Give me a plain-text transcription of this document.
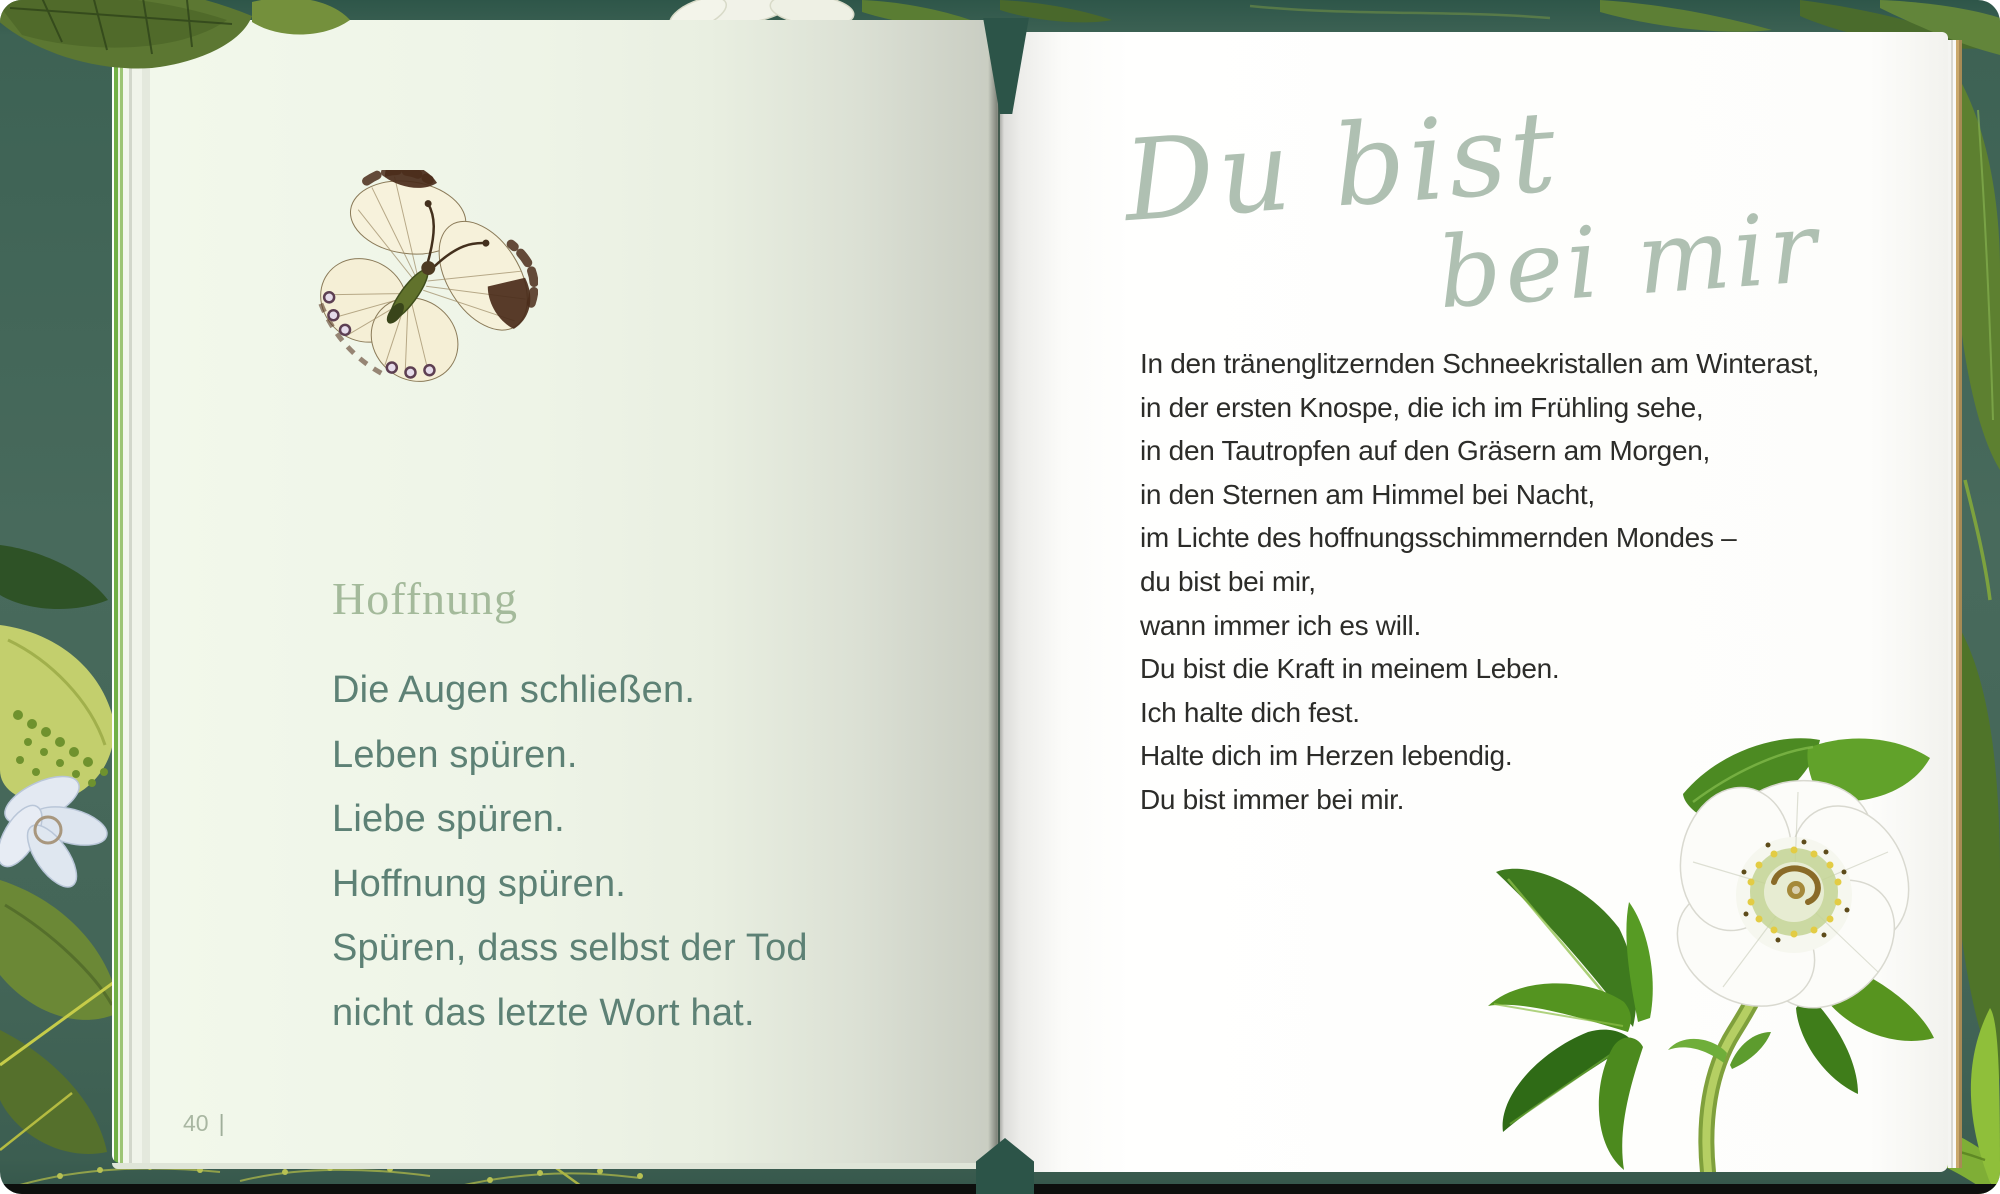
Hoffnung
Die Augen schließen.
Leben spüren.
Liebe spüren.
Hoffnung spüren.
Spüren, dass selbst der Tod
nicht das letzte Wort hat.
40 |
Du bist
bei mir
In den tränenglitzernden Schneekristallen am Winterast,
in der ersten Knospe, die ich im Frühling sehe,
in den Tautropfen auf den Gräsern am Morgen,
in den Sternen am Himmel bei Nacht,
im Lichte des hoffnungsschimmernden Mondes –
du bist bei mir,
wann immer ich es will.
Du bist die Kraft in meinem Leben.
Ich halte dich fest.
Halte dich im Herzen lebendig.
Du bist immer bei mir.
